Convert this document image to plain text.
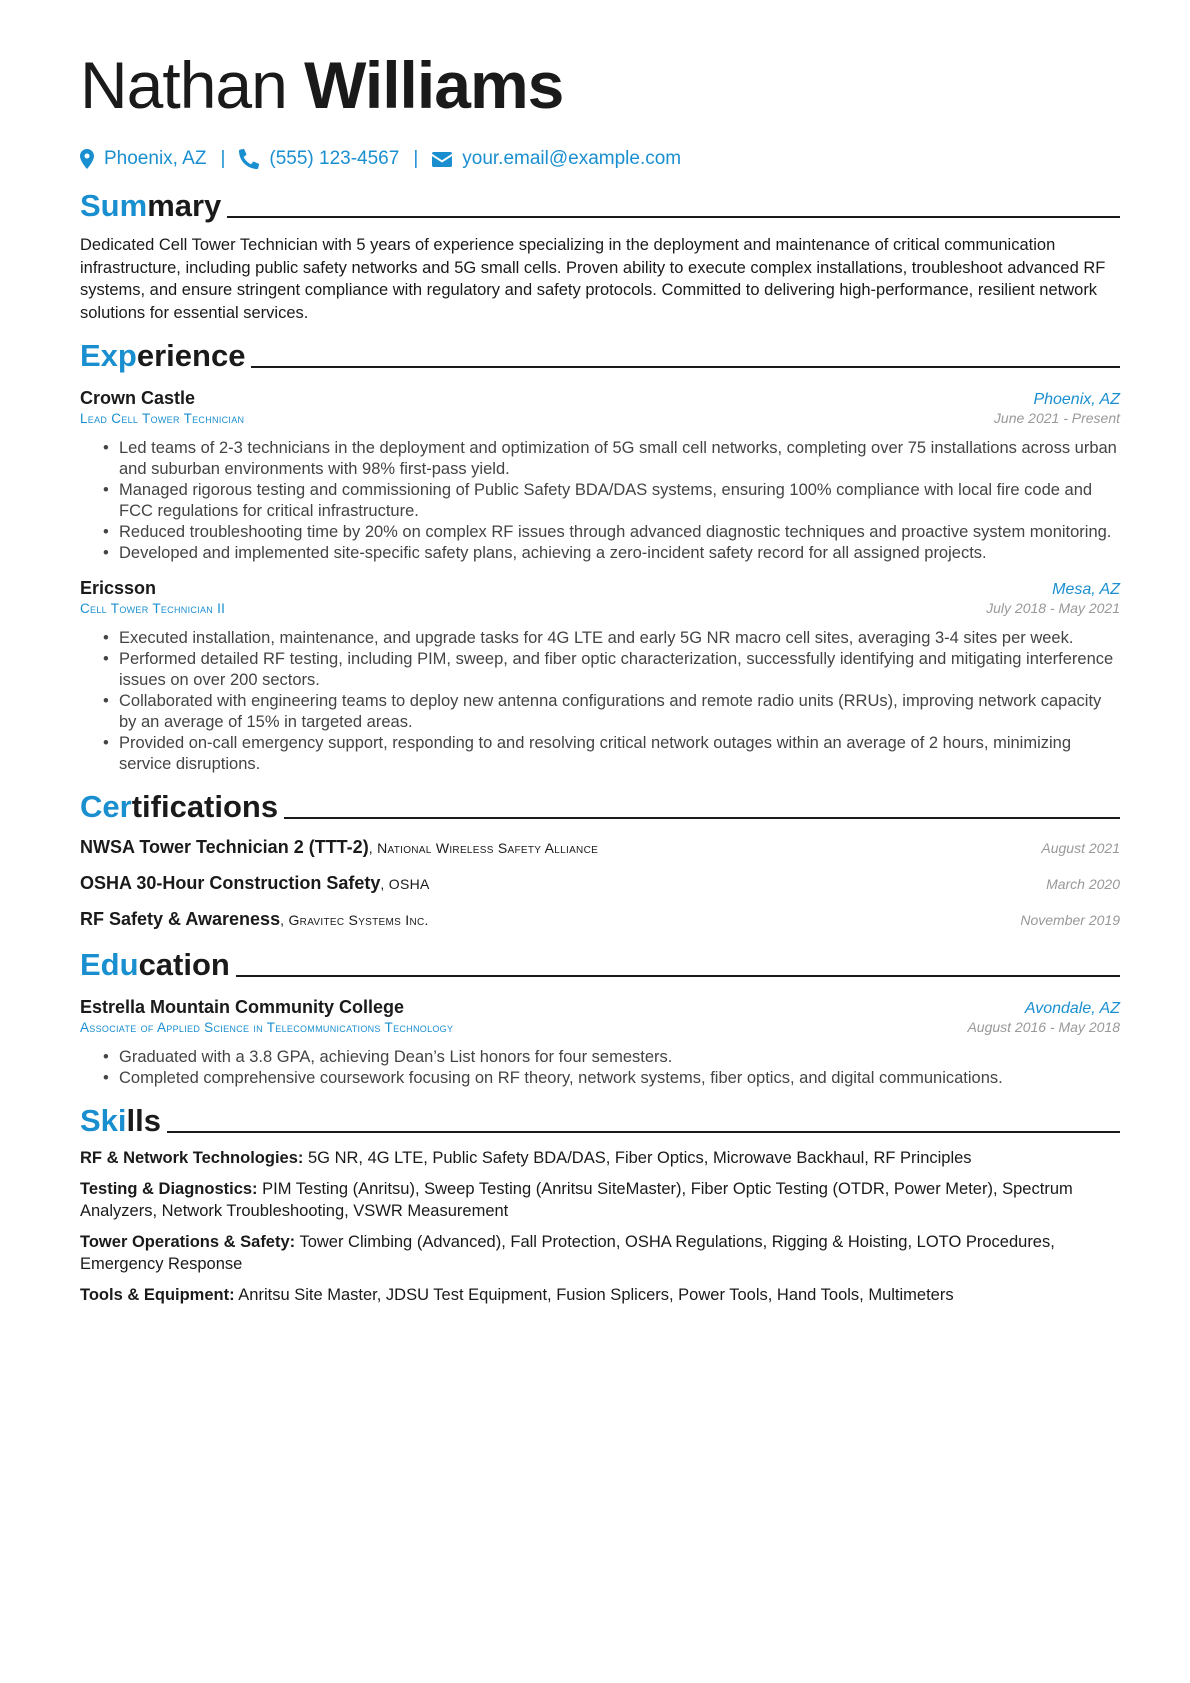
Nathan Williams
Phoenix, AZ | (555) 123-4567 | your.email@example.com
Summary
Dedicated Cell Tower Technician with 5 years of experience specializing in the deployment and maintenance of critical communication infrastructure, including public safety networks and 5G small cells. Proven ability to execute complex installations, troubleshoot advanced RF systems, and ensure stringent compliance with regulatory and safety protocols. Committed to delivering high-performance, resilient network solutions for essential services.
Experience
Crown Castle	Phoenix, AZ
Lead Cell Tower Technician	June 2021 - Present
• Led teams of 2-3 technicians in the deployment and optimization of 5G small cell networks, completing over 75 installations across urban and suburban environments with 98% first-pass yield.
• Managed rigorous testing and commissioning of Public Safety BDA/DAS systems, ensuring 100% compliance with local fire code and FCC regulations for critical infrastructure.
• Reduced troubleshooting time by 20% on complex RF issues through advanced diagnostic techniques and proactive system monitoring.
• Developed and implemented site-specific safety plans, achieving a zero-incident safety record for all assigned projects.
Ericsson	Mesa, AZ
Cell Tower Technician II	July 2018 - May 2021
• Executed installation, maintenance, and upgrade tasks for 4G LTE and early 5G NR macro cell sites, averaging 3-4 sites per week.
• Performed detailed RF testing, including PIM, sweep, and fiber optic characterization, successfully identifying and mitigating interference issues on over 200 sectors.
• Collaborated with engineering teams to deploy new antenna configurations and remote radio units (RRUs), improving network capacity by an average of 15% in targeted areas.
• Provided on-call emergency support, responding to and resolving critical network outages within an average of 2 hours, minimizing service disruptions.
Certifications
NWSA Tower Technician 2 (TTT-2), National Wireless Safety Alliance	August 2021
OSHA 30-Hour Construction Safety, OSHA	March 2020
RF Safety & Awareness, Gravitec Systems Inc.	November 2019
Education
Estrella Mountain Community College	Avondale, AZ
Associate of Applied Science in Telecommunications Technology	August 2016 - May 2018
• Graduated with a 3.8 GPA, achieving Dean’s List honors for four semesters.
• Completed comprehensive coursework focusing on RF theory, network systems, fiber optics, and digital communications.
Skills
RF & Network Technologies: 5G NR, 4G LTE, Public Safety BDA/DAS, Fiber Optics, Microwave Backhaul, RF Principles
Testing & Diagnostics: PIM Testing (Anritsu), Sweep Testing (Anritsu SiteMaster), Fiber Optic Testing (OTDR, Power Meter), Spectrum Analyzers, Network Troubleshooting, VSWR Measurement
Tower Operations & Safety: Tower Climbing (Advanced), Fall Protection, OSHA Regulations, Rigging & Hoisting, LOTO Procedures, Emergency Response
Tools & Equipment: Anritsu Site Master, JDSU Test Equipment, Fusion Splicers, Power Tools, Hand Tools, Multimeters
